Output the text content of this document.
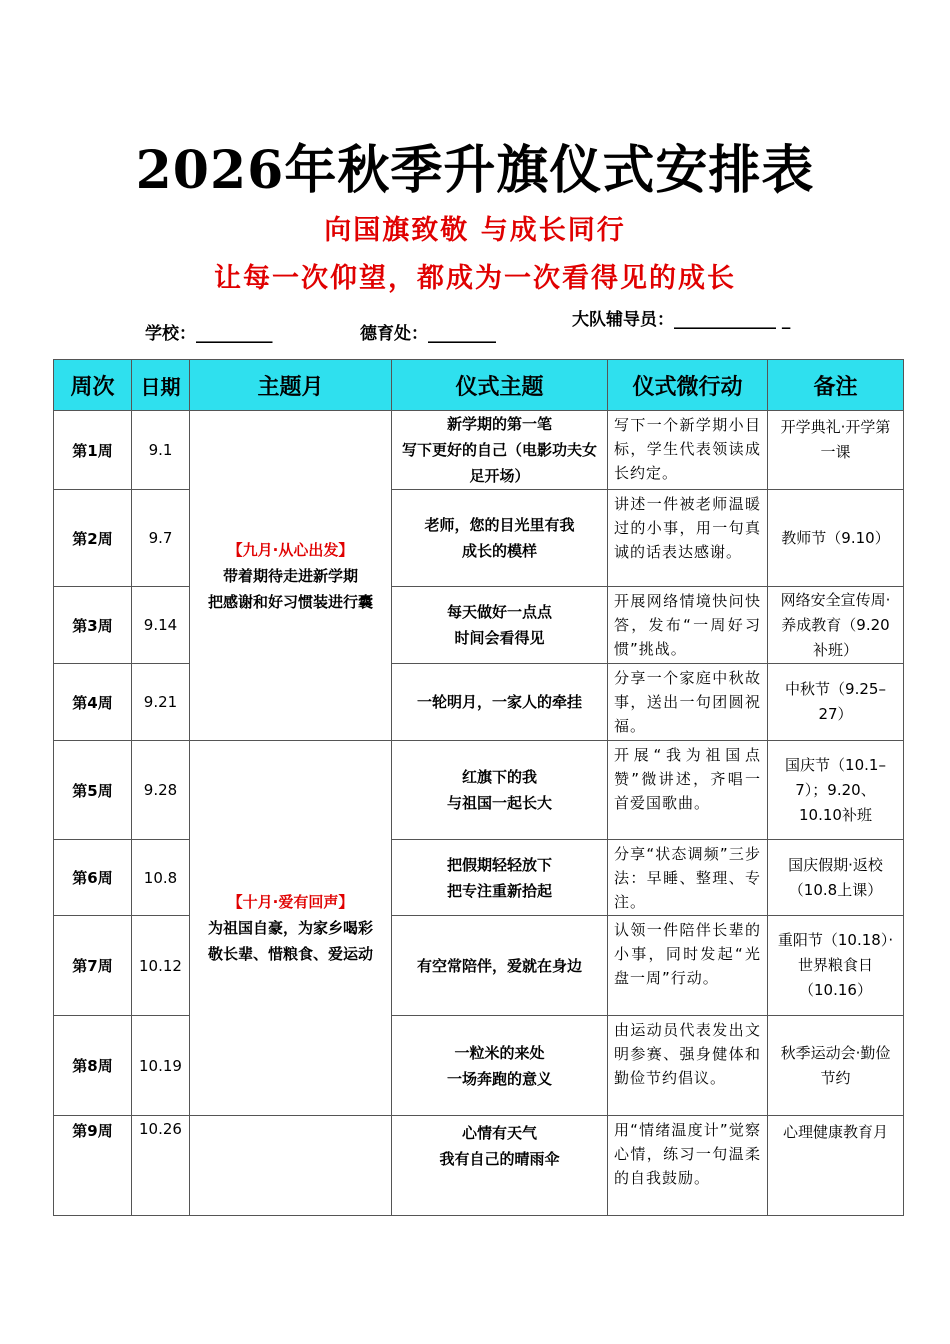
2026年秋季升旗仪式安排表
向国旗致敬 与成长同行
让每一次仰望，都成为一次看得见的成长
学校：_________	德育处：________
大队辅导员：____________ _
周次	日期	主题月	仪式主题	仪式微行动	备注
第1周	9.1	【九月·从心出发】
带着期待走进新学期
把感谢和好习惯装进行囊	新学期的第一笔
写下更好的自己（电影功夫女足开场）	写下一个新学期小目标，学生代表领读成长约定。	开学典礼·开学第一课
第2周	9.7		老师，您的目光里有我
成长的模样	讲述一件被老师温暖过的小事，用一句真诚的话表达感谢。	教师节（9.10）
第3周	9.14		每天做好一点点
时间会看得见	开展网络情境快问快答，发布“一周好习惯”挑战。	网络安全宣传周·养成教育（9.20补班）
第4周	9.21		一轮明月，一家人的牵挂	分享一个家庭中秋故事，送出一句团圆祝福。	中秋节（9.25–27）
第5周	9.28	【十月·爱有回声】
为祖国自豪，为家乡喝彩
敬长辈、惜粮食、爱运动	红旗下的我
与祖国一起长大	开展“我为祖国点赞”微讲述，齐唱一首爱国歌曲。	国庆节（10.1–7）；9.20、10.10补班
第6周	10.8		把假期轻轻放下
把专注重新拾起	分享“状态调频”三步法：早睡、整理、专注。	国庆假期·返校（10.8上课）
第7周	10.12		有空常陪伴，爱就在身边	认领一件陪伴长辈的小事，同时发起“光盘一周”行动。	重阳节（10.18）·世界粮食日（10.16）
第8周	10.19		一粒米的来处
一场奔跑的意义	由运动员代表发出文明参赛、强身健体和勤俭节约倡议。	秋季运动会·勤俭节约
第9周	10.26		心情有天气
我有自己的晴雨伞	用“情绪温度计”觉察心情，练习一句温柔的自我鼓励。	心理健康教育月
